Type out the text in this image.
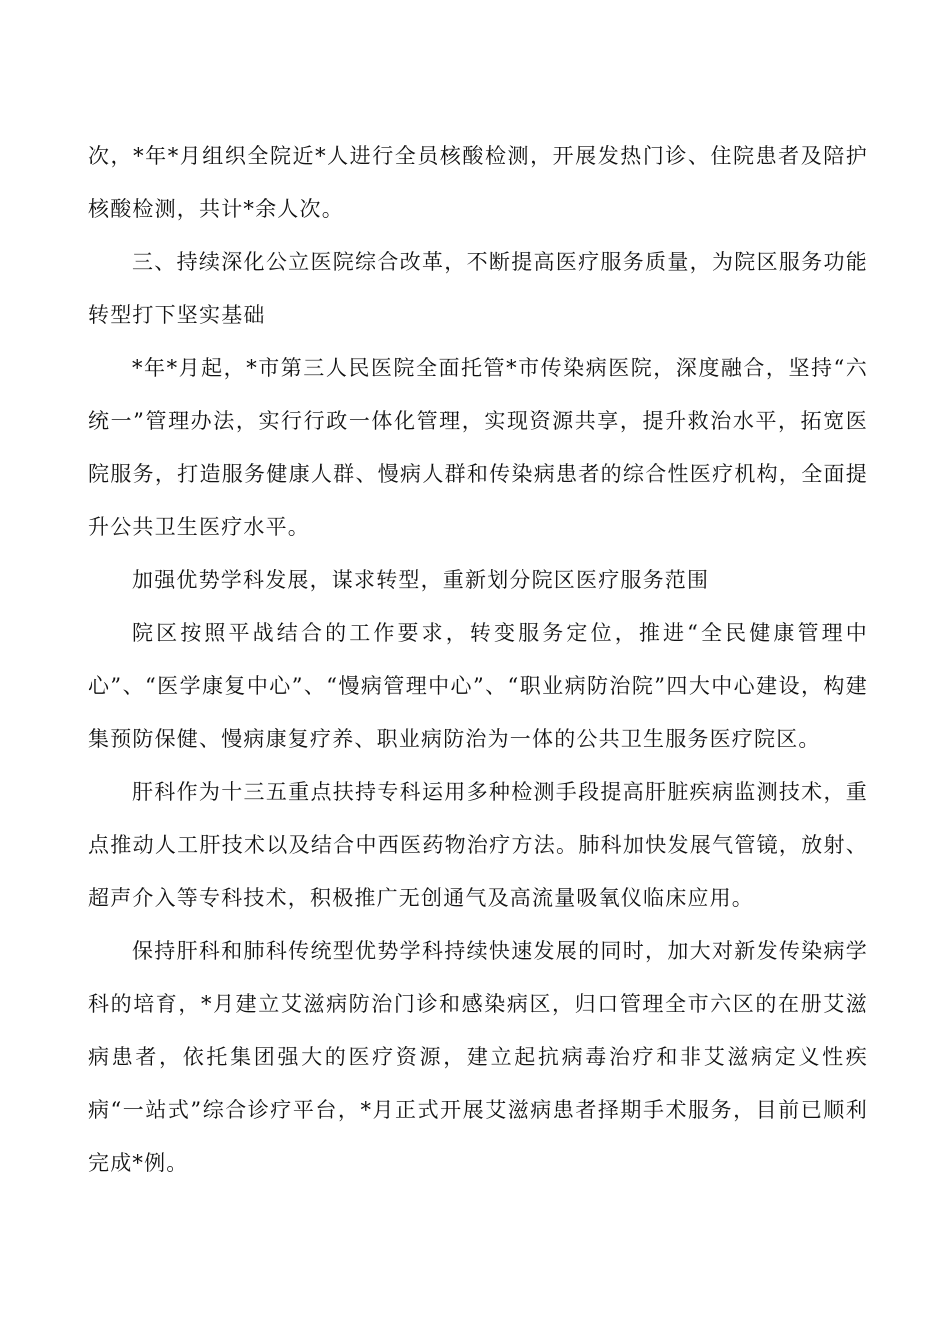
次，*年*月组织全院近*人进行全员核酸检测，开展发热门诊、住院患者及陪护核酸检测，共计*余人次。

三、持续深化公立医院综合改革，不断提高医疗服务质量，为院区服务功能转型打下坚实基础

*年*月起，*市第三人民医院全面托管*市传染病医院，深度融合，坚持“六统一”管理办法，实行行政一体化管理，实现资源共享，提升救治水平，拓宽医院服务，打造服务健康人群、慢病人群和传染病患者的综合性医疗机构，全面提升公共卫生医疗水平。

加强优势学科发展，谋求转型，重新划分院区医疗服务范围

院区按照平战结合的工作要求，转变服务定位，推进“全民健康管理中心”、“医学康复中心”、“慢病管理中心”、“职业病防治院”四大中心建设，构建集预防保健、慢病康复疗养、职业病防治为一体的公共卫生服务医疗院区。

肝科作为十三五重点扶持专科运用多种检测手段提高肝脏疾病监测技术，重点推动人工肝技术以及结合中西医药物治疗方法。肺科加快发展气管镜，放射、超声介入等专科技术，积极推广无创通气及高流量吸氧仪临床应用。

保持肝科和肺科传统型优势学科持续快速发展的同时，加大对新发传染病学科的培育，*月建立艾滋病防治门诊和感染病区，归口管理全市六区的在册艾滋病患者，依托集团强大的医疗资源，建立起抗病毒治疗和非艾滋病定义性疾病“一站式”综合诊疗平台，*月正式开展艾滋病患者择期手术服务，目前已顺利完成*例。
